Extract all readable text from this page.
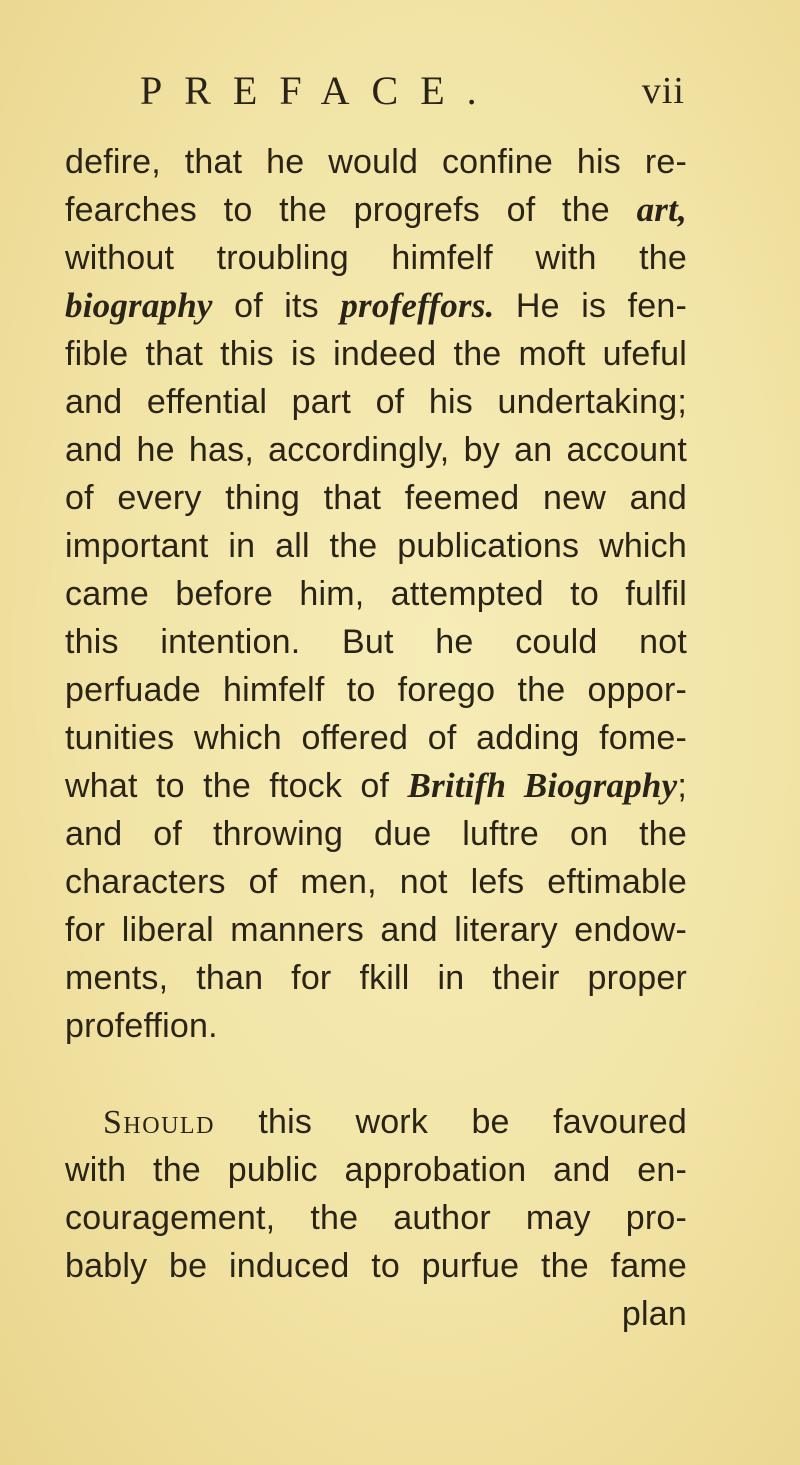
PREFACE.	vii
defire, that he would confine his re-
fearches to the progrefs of the art,
without troubling himfelf with the
biography of its profeffors. He is fen-
fible that this is indeed the moft ufeful
and effential part of his undertaking;
and he has, accordingly, by an account
of every thing that feemed new and
important in all the publications which
came before him, attempted to fulfil
this intention. But he could not
perfuade himfelf to forego the oppor-
tunities which offered of adding fome-
what to the ftock of Britifh Biography;
and of throwing due luftre on the
characters of men, not lefs eftimable
for liberal manners and literary endow-
ments, than for fkill in their proper
profeffion.
Should this work be favoured
with the public approbation and en-
couragement, the author may pro-
bably be induced to purfue the fame
plan
